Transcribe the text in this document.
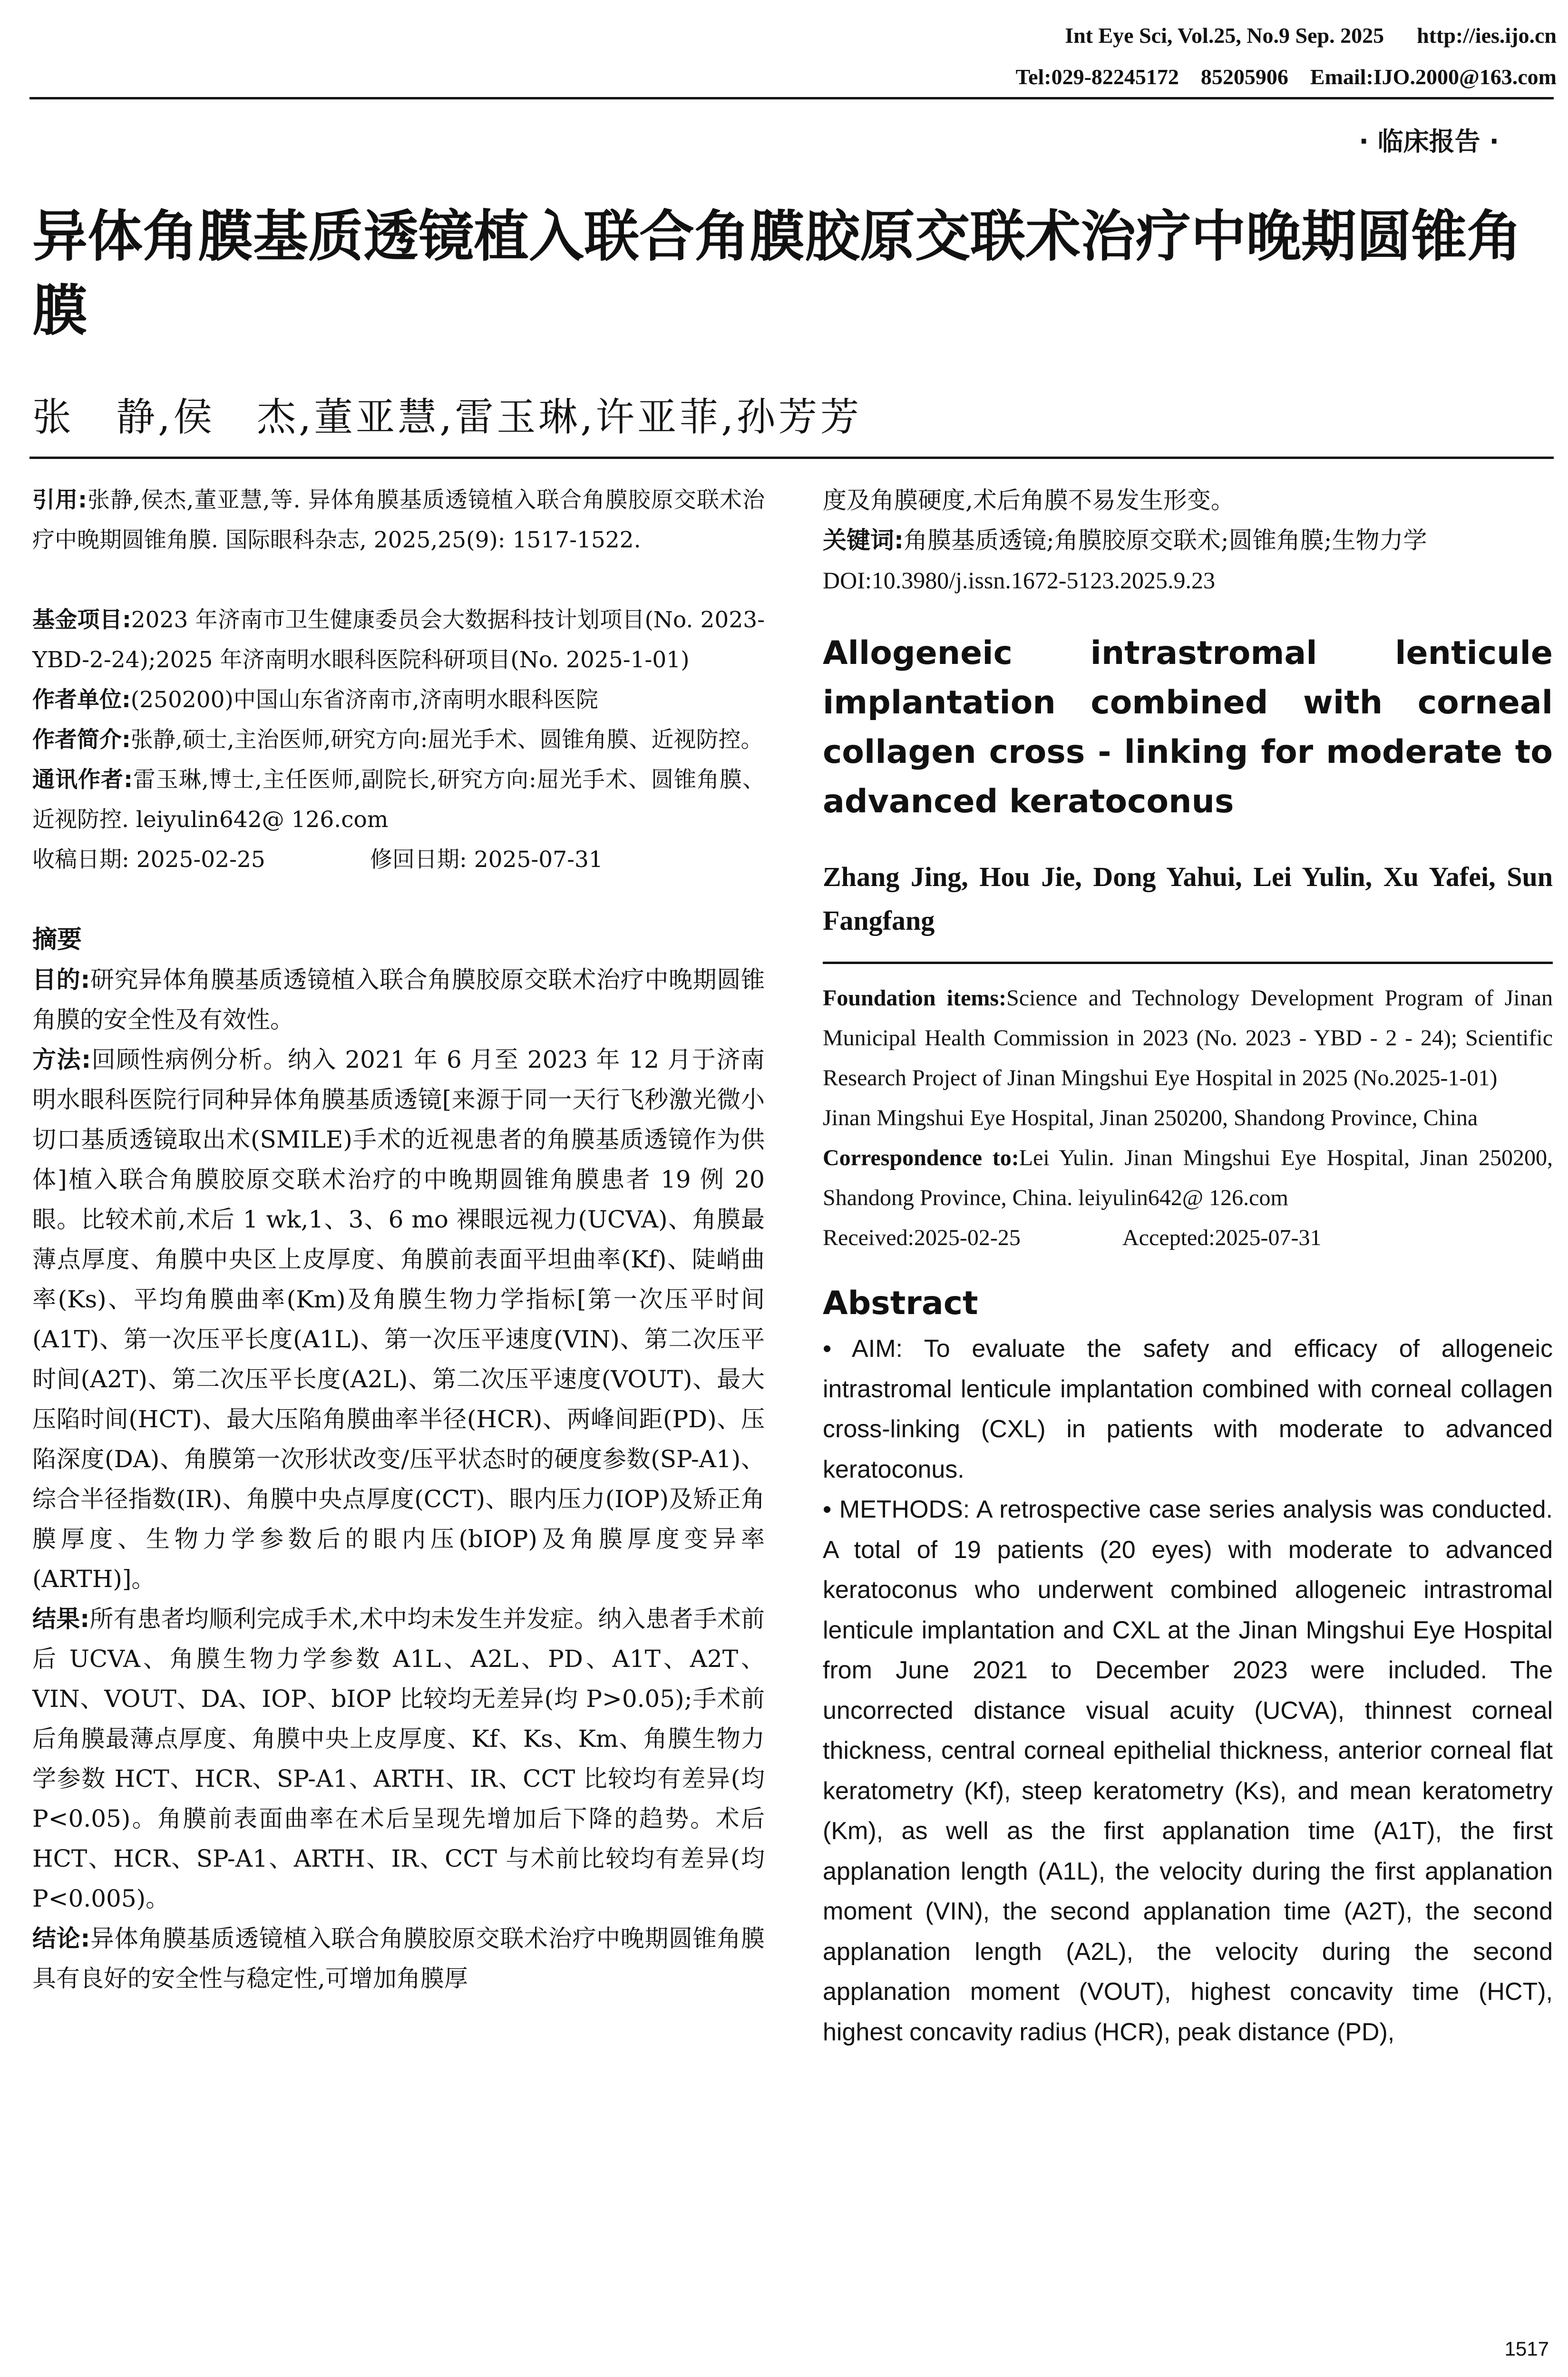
Int Eye Sci, Vol.25, No.9 Sep. 2025      http://ies.ijo.cn
Tel:029-82245172    85205906    Email:IJO.2000@163.com
· 临床报告 ·
异体角膜基质透镜植入联合角膜胶原交联术治疗中晚期圆锥角膜
张　静,侯　杰,董亚慧,雷玉琳,许亚菲,孙芳芳

引用:张静,侯杰,董亚慧,等. 异体角膜基质透镜植入联合角膜胶原交联术治疗中晚期圆锥角膜. 国际眼科杂志, 2025,25(9): 1517-1522.

基金项目:2023 年济南市卫生健康委员会大数据科技计划项目(No. 2023-YBD-2-24);2025 年济南明水眼科医院科研项目(No. 2025-1-01)

作者单位:(250200)中国山东省济南市,济南明水眼科医院

作者简介:张静,硕士,主治医师,研究方向:屈光手术、圆锥角膜、近视防控。

通讯作者:雷玉琳,博士,主任医师,副院长,研究方向:屈光手术、圆锥角膜、近视防控. leiyulin642@ 126.com

收稿日期: 2025-02-25	修回日期: 2025-07-31

摘要

目的:研究异体角膜基质透镜植入联合角膜胶原交联术治疗中晚期圆锥角膜的安全性及有效性。

方法:回顾性病例分析。纳入 2021 年 6 月至 2023 年 12 月于济南明水眼科医院行同种异体角膜基质透镜[来源于同一天行飞秒激光微小切口基质透镜取出术(SMILE)手术的近视患者的角膜基质透镜作为供体]植入联合角膜胶原交联术治疗的中晚期圆锥角膜患者 19 例 20 眼。比较术前,术后 1 wk,1、3、6 mo 裸眼远视力(UCVA)、角膜最薄点厚度、角膜中央区上皮厚度、角膜前表面平坦曲率(Kf)、陡峭曲率(Ks)、平均角膜曲率(Km)及角膜生物力学指标[第一次压平时间(A1T)、第一次压平长度(A1L)、第一次压平速度(VIN)、第二次压平时间(A2T)、第二次压平长度(A2L)、第二次压平速度(VOUT)、最大压陷时间(HCT)、最大压陷角膜曲率半径(HCR)、两峰间距(PD)、压陷深度(DA)、角膜第一次形状改变/压平状态时的硬度参数(SP-A1)、综合半径指数(IR)、角膜中央点厚度(CCT)、眼内压力(IOP)及矫正角膜厚度、生物力学参数后的眼内压(bIOP)及角膜厚度变异率(ARTH)]。

结果:所有患者均顺利完成手术,术中均未发生并发症。纳入患者手术前后 UCVA、角膜生物力学参数 A1L、A2L、PD、A1T、A2T、VIN、VOUT、DA、IOP、bIOP 比较均无差异(均 P>0.05);手术前后角膜最薄点厚度、角膜中央上皮厚度、Kf、Ks、Km、角膜生物力学参数 HCT、HCR、SP-A1、ARTH、IR、CCT 比较均有差异(均 P<0.05)。角膜前表面曲率在术后呈现先增加后下降的趋势。术后 HCT、HCR、SP-A1、ARTH、IR、CCT 与术前比较均有差异(均 P<0.005)。

结论:异体角膜基质透镜植入联合角膜胶原交联术治疗中晚期圆锥角膜具有良好的安全性与稳定性,可增加角膜厚

度及角膜硬度,术后角膜不易发生形变。

关键词:角膜基质透镜;角膜胶原交联术;圆锥角膜;生物力学

DOI:10.3980/j.issn.1672-5123.2025.9.23

Allogeneic intrastromal lenticule implantation combined with corneal collagen cross - linking for moderate to advanced keratoconus
Zhang Jing, Hou Jie, Dong Yahui, Lei Yulin, Xu Yafei, Sun Fangfang
Foundation items:Science and Technology Development Program of Jinan Municipal Health Commission in 2023 (No. 2023 - YBD - 2 - 24); Scientific Research Project of Jinan Mingshui Eye Hospital in 2025 (No.2025-1-01)
Jinan Mingshui Eye Hospital, Jinan 250200, Shandong Province, China
Correspondence to:Lei Yulin. Jinan Mingshui Eye Hospital, Jinan 250200, Shandong Province, China. leiyulin642@ 126.com
Received:2025-02-25	Accepted:2025-07-31
Abstract
• AIM: To evaluate the safety and efficacy of allogeneic intrastromal lenticule implantation combined with corneal collagen cross-linking (CXL) in patients with moderate to advanced keratoconus.
• METHODS: A retrospective case series analysis was conducted. A total of 19 patients (20 eyes) with moderate to advanced keratoconus who underwent combined allogeneic intrastromal lenticule implantation and CXL at the Jinan Mingshui Eye Hospital from June 2021 to December 2023 were included. The uncorrected distance visual acuity (UCVA), thinnest corneal thickness, central corneal epithelial thickness, anterior corneal flat keratometry (Kf), steep keratometry (Ks), and mean keratometry (Km), as well as the first applanation time (A1T), the first applanation length (A1L), the velocity during the first applanation moment (VIN), the second applanation time (A2T), the second applanation length (A2L), the velocity during the second applanation moment (VOUT), highest concavity time (HCT), highest concavity radius (HCR), peak distance (PD),
1517
